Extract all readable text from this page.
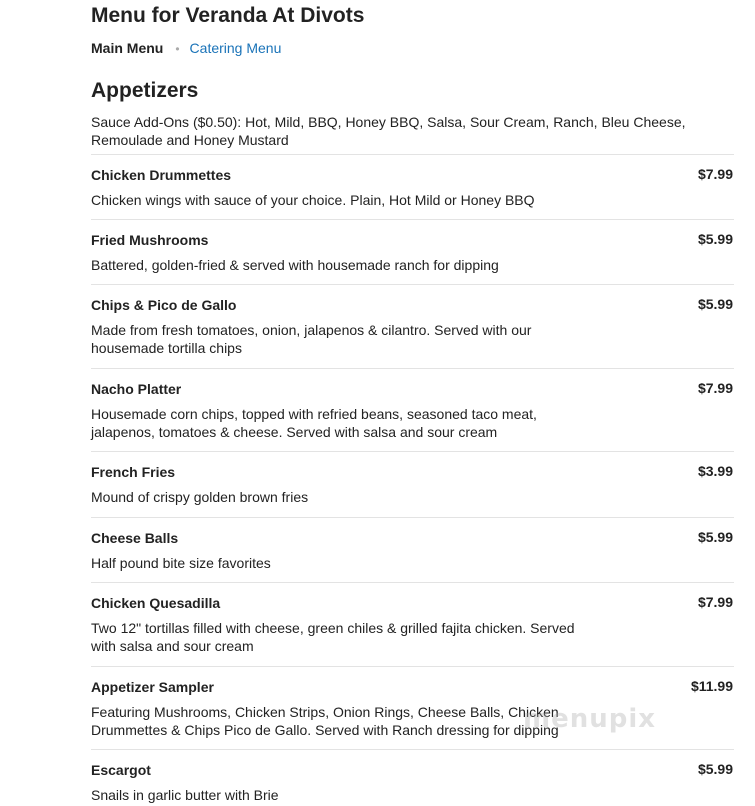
Menu for Veranda At Divots
Main Menu • Catering Menu
Appetizers
Sauce Add-Ons ($0.50): Hot, Mild, BBQ, Honey BBQ, Salsa, Sour Cream, Ranch, Bleu Cheese, Remoulade and Honey Mustard
Chicken Drummettes	$7.99
Chicken wings with sauce of your choice. Plain, Hot Mild or Honey BBQ
Fried Mushrooms	$5.99
Battered, golden-fried & served with housemade ranch for dipping
Chips & Pico de Gallo	$5.99
Made from fresh tomatoes, onion, jalapenos & cilantro. Served with our housemade tortilla chips
Nacho Platter	$7.99
Housemade corn chips, topped with refried beans, seasoned taco meat, jalapenos, tomatoes & cheese. Served with salsa and sour cream
French Fries	$3.99
Mound of crispy golden brown fries
Cheese Balls	$5.99
Half pound bite size favorites
Chicken Quesadilla	$7.99
Two 12" tortillas filled with cheese, green chiles & grilled fajita chicken. Served with salsa and sour cream
Appetizer Sampler	$11.99
Featuring Mushrooms, Chicken Strips, Onion Rings, Cheese Balls, Chicken Drummettes & Chips Pico de Gallo. Served with Ranch dressing for dipping
Escargot	$5.99
Snails in garlic butter with Brie
menupix
